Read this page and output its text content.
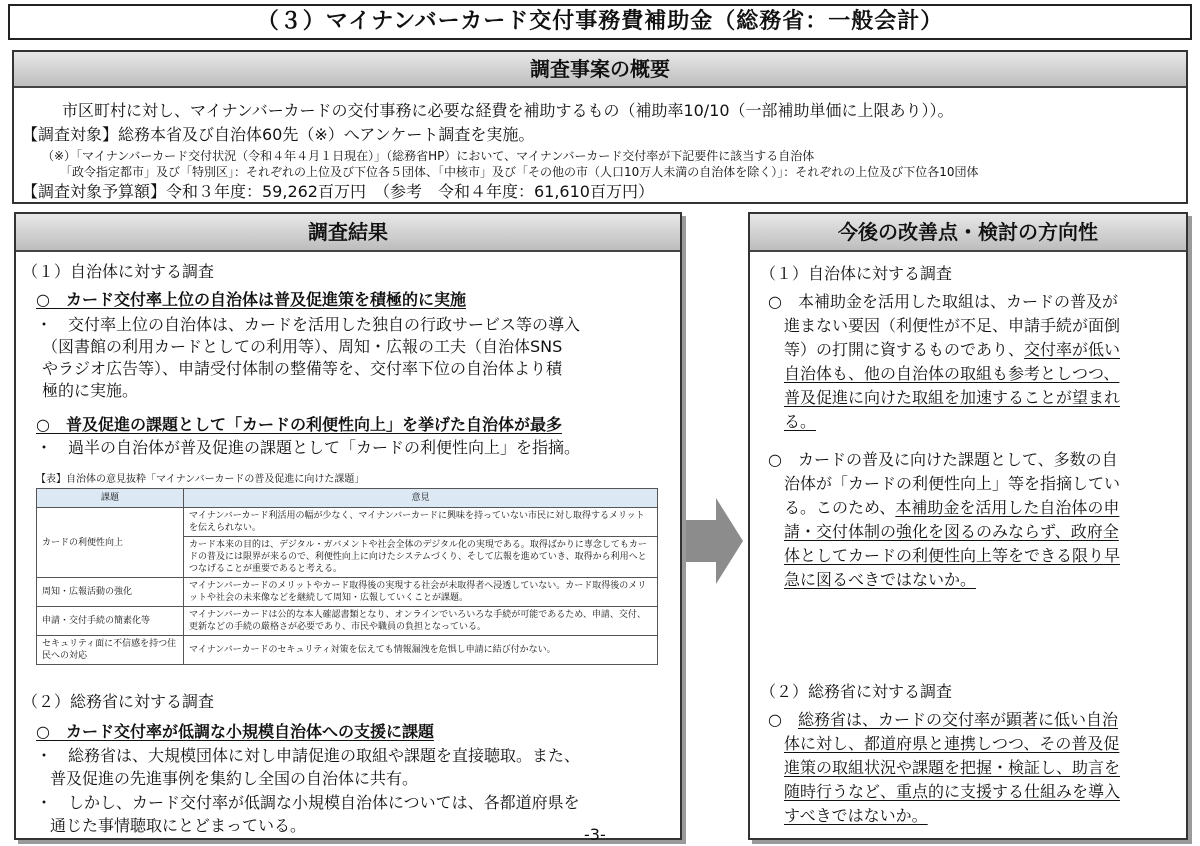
（３）マイナンバーカード交付事務費補助金（総務省：一般会計）
調査事案の概要
市区町村に対し、マイナンバーカードの交付事務に必要な経費を補助するもの（補助率10/10（一部補助単価に上限あり））。
【調査対象】総務本省及び自治体60先（※）へアンケート調査を実施。
（※）「マイナンバーカード交付状況（令和４年４月１日現在）」（総務省HP）において、マイナンバーカード交付率が下記要件に該当する自治体
「政令指定都市」及び「特別区」：それぞれの上位及び下位各５団体、「中核市」及び「その他の市（人口10万人未満の自治体を除く）」：それぞれの上位及び下位各10団体
【調査対象予算額】令和３年度：59,262百万円　（参考　令和４年度：61,610百万円）
調査結果
（１）自治体に対する調査
○　カード交付率上位の自治体は普及促進策を積極的に実施
・　交付率上位の自治体は、カードを活用した独自の行政サービス等の導入
（図書館の利用カードとしての利用等）、周知・広報の工夫（自治体SNS
やラジオ広告等）、申請受付体制の整備等を、交付率下位の自治体より積
極的に実施。
○　普及促進の課題として「カードの利便性向上」を挙げた自治体が最多
・　過半の自治体が普及促進の課題として「カードの利便性向上」を指摘。
【表】自治体の意見抜粋「マイナンバーカードの普及促進に向けた課題」
課題	意見
カードの利便性向上	マイナンバーカード利活用の幅が少なく、マイナンバーカードに興味を持っていない市民に対し取得するメリットを伝えられない。
	カード本来の目的は、デジタル・ガバメントや社会全体のデジタル化の実現である。取得ばかりに専念してもカードの普及には限界が来るので、利便性向上に向けたシステムづくり、そして広報を進めていき、取得から利用へとつなげることが重要であると考える。
周知・広報活動の強化	マイナンバーカードのメリットやカード取得後の実現する社会が未取得者へ浸透していない。カード取得後のメリットや社会の未来像などを継続して周知・広報していくことが課題。
申請・交付手続の簡素化等	マイナンバーカードは公的な本人確認書類となり、オンラインでいろいろな手続が可能であるため、申請、交付、更新などの手続の厳格さが必要であり、市民や職員の負担となっている。
セキュリティ面に不信感を持つ住民への対応	マイナンバーカードのセキュリティ対策を伝えても情報漏洩を危惧し申請に結び付かない。
（２）総務省に対する調査
○　カード交付率が低調な小規模自治体への支援に課題
・　総務省は、大規模団体に対し申請促進の取組や課題を直接聴取。また、
普及促進の先進事例を集約し全国の自治体に共有。
・　しかし、カード交付率が低調な小規模自治体については、各都道府県を
通じた事情聴取にとどまっている。
今後の改善点・検討の方向性
（１）自治体に対する調査
○　本補助金を活用した取組は、カードの普及が
進まない要因（利便性が不足、申請手続が面倒
等）の打開に資するものであり、交付率が低い
自治体も、他の自治体の取組も参考としつつ、
普及促進に向けた取組を加速することが望まれ
る。
○　カードの普及に向けた課題として、多数の自
治体が「カードの利便性向上」等を指摘してい
る。このため、本補助金を活用した自治体の申
請・交付体制の強化を図るのみならず、政府全
体としてカードの利便性向上等をできる限り早
急に図るべきではないか。
（２）総務省に対する調査
○　総務省は、カードの交付率が顕著に低い自治
体に対し、都道府県と連携しつつ、その普及促
進策の取組状況や課題を把握・検証し、助言を
随時行うなど、重点的に支援する仕組みを導入
すべきではないか。
-3-
